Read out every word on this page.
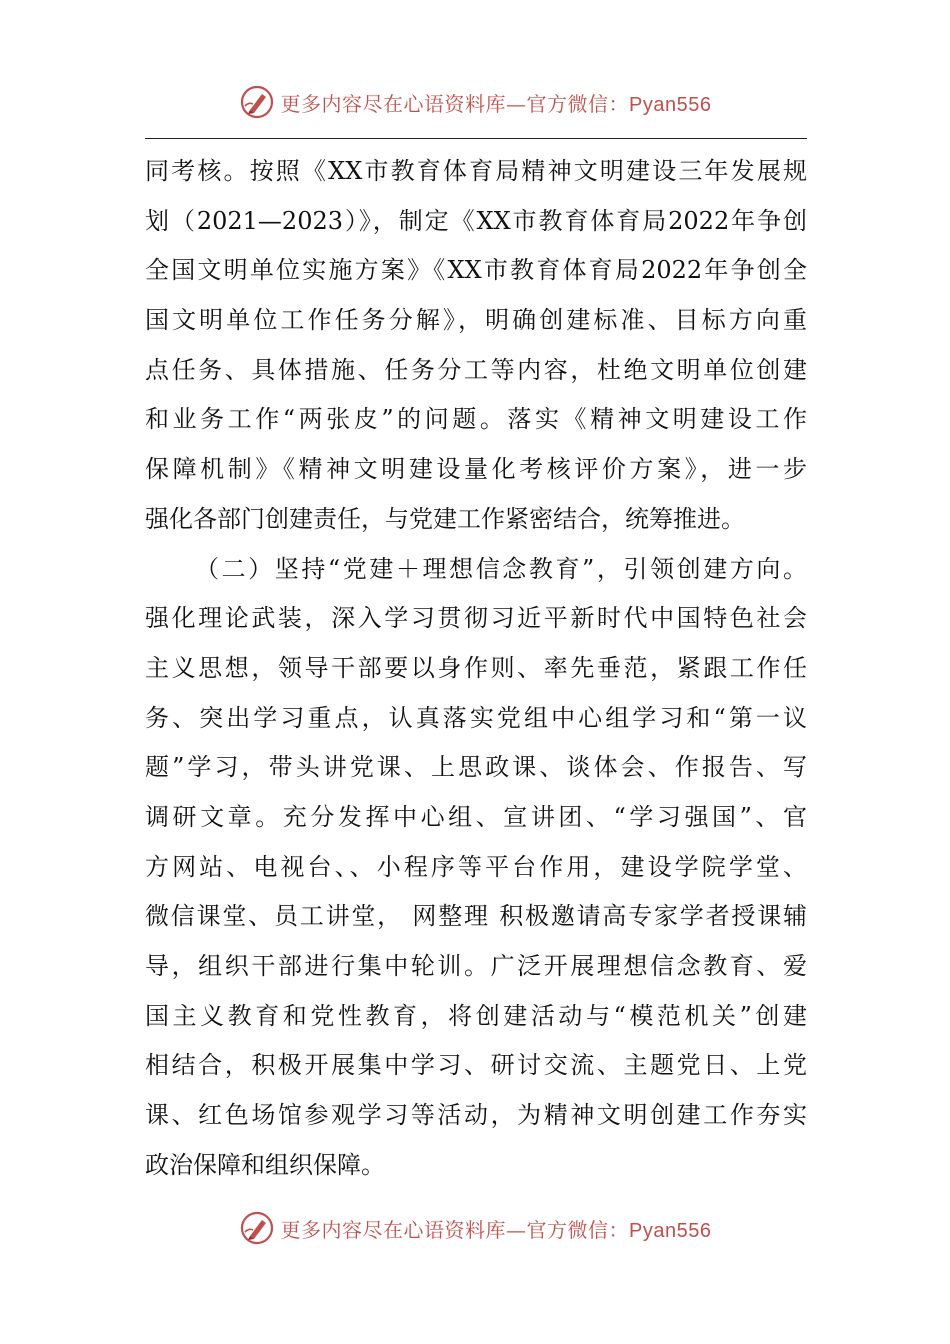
更多内容尽在心语资料库—官方微信：Pyan556
同考核。按照《XX市教育体育局精神文明建设三年发展规
划（2021—2023）》，制定《XX市教育体育局2022年争创
全国文明单位实施方案》《XX市教育体育局2022年争创全
国文明单位工作任务分解》，明确创建标准、目标方向重
点任务、具体措施、任务分工等内容，杜绝文明单位创建
和业务工作“两张皮”的问题。落实《精神文明建设工作
保障机制》《精神文明建设量化考核评价方案》，进一步
强化各部门创建责任，与党建工作紧密结合，统筹推进。
（二）坚持“党建＋理想信念教育”，引领创建方向。
强化理论武装，深入学习贯彻习近平新时代中国特色社会
主义思想，领导干部要以身作则、率先垂范，紧跟工作任
务、突出学习重点，认真落实党组中心组学习和“第一议
题”学习，带头讲党课、上思政课、谈体会、作报告、写
调研文章。充分发挥中心组、宣讲团、“学习强国”、官
方网站、电视台、、小程序等平台作用，建设学院学堂、
微信课堂、员工讲堂， 网整理 积极邀请高专家学者授课辅
导，组织干部进行集中轮训。广泛开展理想信念教育、爱
国主义教育和党性教育，将创建活动与“模范机关”创建
相结合，积极开展集中学习、研讨交流、主题党日、上党
课、红色场馆参观学习等活动，为精神文明创建工作夯实
政治保障和组织保障。
更多内容尽在心语资料库—官方微信：Pyan556
